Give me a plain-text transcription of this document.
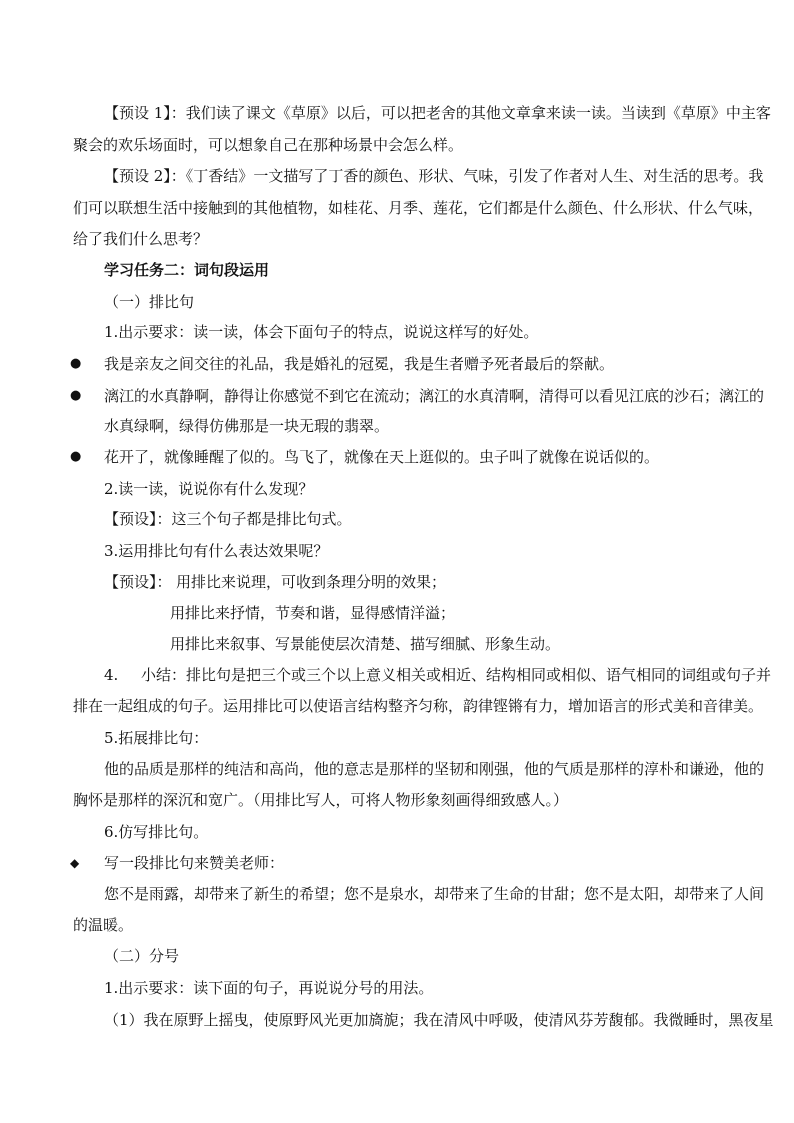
【预设 1】：我们读了课文《草原》以后，可以把老舍的其他文章拿来读一读。当读到《草原》中主客

聚会的欢乐场面时，可以想象自己在那种场景中会怎么样。

【预设 2】：《丁香结》一文描写了丁香的颜色、形状、气味，引发了作者对人生、对生活的思考。我

们可以联想生活中接触到的其他植物，如桂花、月季、莲花，它们都是什么颜色、什么形状、什么气味，

给了我们什么思考？

学习任务二：词句段运用

（一）排比句

1.出示要求：读一读，体会下面句子的特点，说说这样写的好处。

● 我是亲友之间交往的礼品，我是婚礼的冠冕，我是生者赠予死者最后的祭献。

● 漓江的水真静啊，静得让你感觉不到它在流动；漓江的水真清啊，清得可以看见江底的沙石；漓江的

水真绿啊，绿得仿佛那是一块无瑕的翡翠。

● 花开了，就像睡醒了似的。鸟飞了，就像在天上逛似的。虫子叫了就像在说话似的。

2.读一读，说说你有什么发现？

【预设】：这三个句子都是排比句式。

3.运用排比句有什么表达效果呢？

【预设】： 用排比来说理，可收到条理分明的效果；

用排比来抒情，节奏和谐，显得感情洋溢；

用排比来叙事、写景能使层次清楚、描写细腻、形象生动。

4.	小结：排比句是把三个或三个以上意义相关或相近、结构相同或相似、语气相同的词组或句子并

排在一起组成的句子。运用排比可以使语言结构整齐匀称，韵律铿锵有力，增加语言的形式美和音律美。

5.拓展排比句：

他的品质是那样的纯洁和高尚，他的意志是那样的坚韧和刚强，他的气质是那样的淳朴和谦逊，他的

胸怀是那样的深沉和宽广。（用排比写人，可将人物形象刻画得细致感人。）

6.仿写排比句。

◆ 写一段排比句来赞美老师：

您不是雨露，却带来了新生的希望；您不是泉水，却带来了生命的甘甜；您不是太阳，却带来了人间

的温暖。

（二）分号

1.出示要求：读下面的句子，再说说分号的用法。

（1）我在原野上摇曳，使原野风光更加旖旎；我在清风中呼吸，使清风芬芳馥郁。我微睡时，黑夜星
